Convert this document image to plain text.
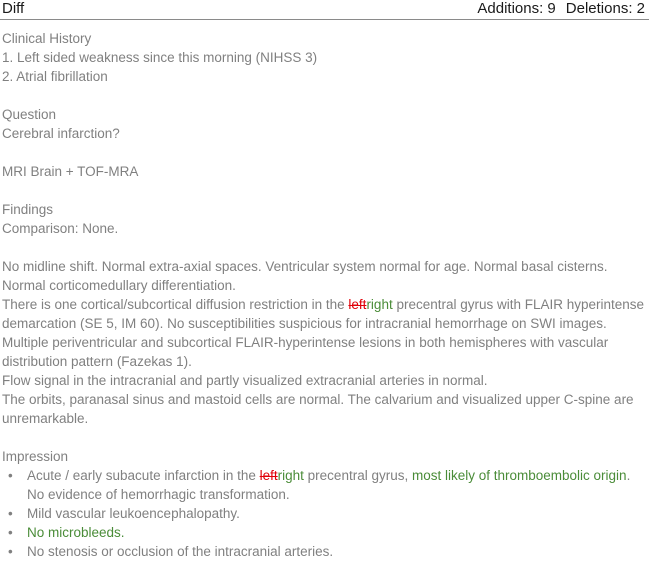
Diff	Additions: 9 Deletions: 2
Clinical History
1. Left sided weakness since this morning (NIHSS 3)
2. Atrial fibrillation
Question
Cerebral infarction?
MRI Brain + TOF-MRA
Findings
Comparison: None.
No midline shift. Normal extra-axial spaces. Ventricular system normal for age. Normal basal cisterns. Normal corticomedullary differentiation.
There is one cortical/subcortical diffusion restriction in the leftright precentral gyrus with FLAIR hyperintense demarcation (SE 5, IM 60). No susceptibilities suspicious for intracranial hemorrhage on SWI images.
Multiple periventricular and subcortical FLAIR-hyperintense lesions in both hemispheres with vascular distribution pattern (Fazekas 1).
Flow signal in the intracranial and partly visualized extracranial arteries in normal.
The orbits, paranasal sinus and mastoid cells are normal. The calvarium and visualized upper C-spine are unremarkable.
Impression
• Acute / early subacute infarction in the leftright precentral gyrus, most likely of thromboembolic origin. No evidence of hemorrhagic transformation.
• Mild vascular leukoencephalopathy.
• No microbleeds.
• No stenosis or occlusion of the intracranial arteries.
